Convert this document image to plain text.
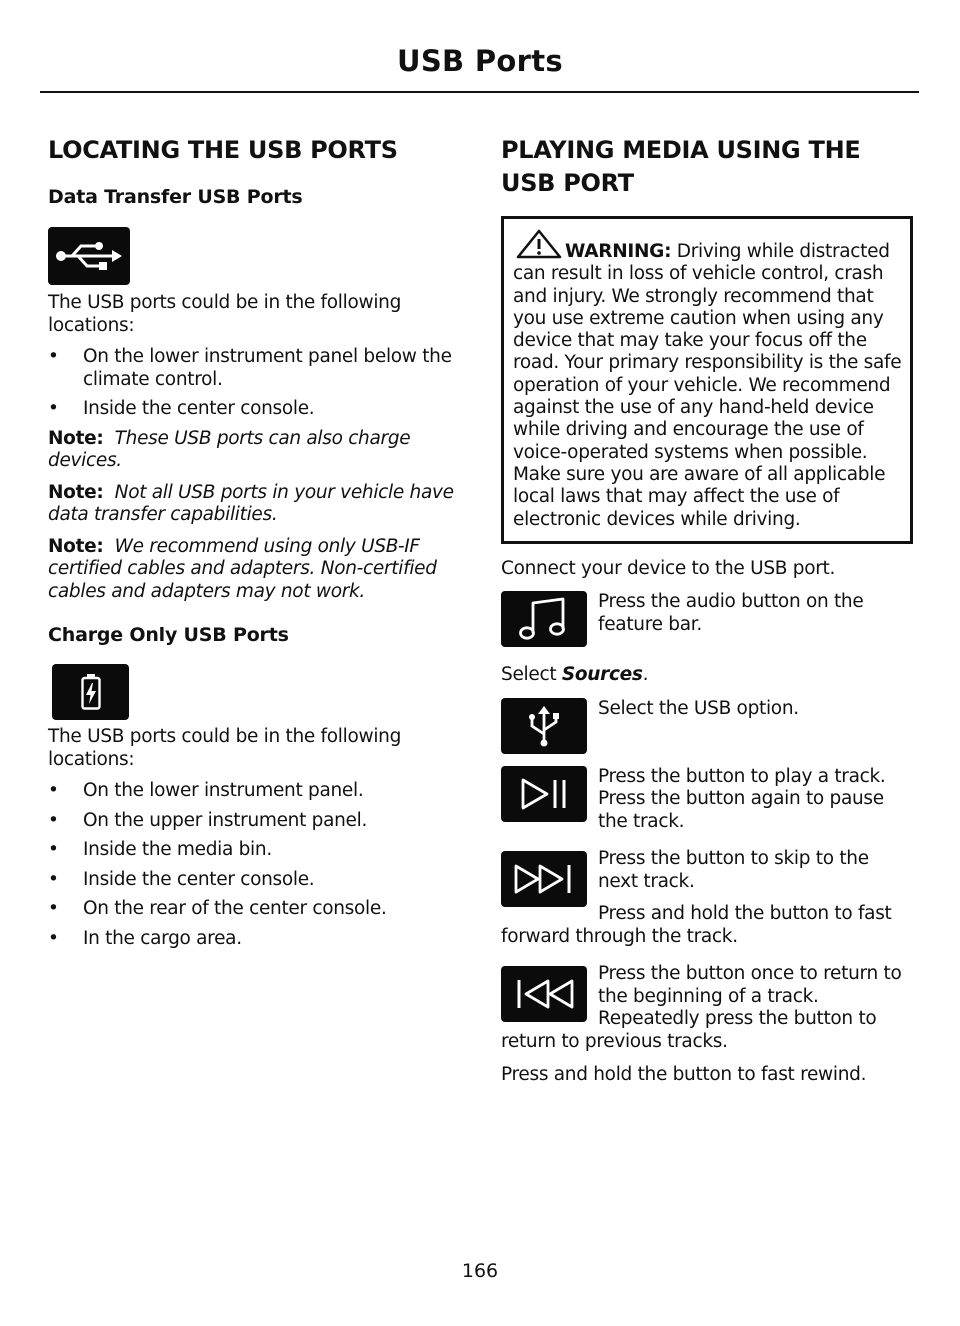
USB Ports
LOCATING THE USB PORTS
Data Transfer USB Ports

The USB ports could be in the following locations:

• On the lower instrument panel below the climate control.
• Inside the center console.

Note: These USB ports can also charge devices.

Note: Not all USB ports in your vehicle have data transfer capabilities.

Note: We recommend using only USB-IF certified cables and adapters. Non-certified cables and adapters may not work.

Charge Only USB Ports

The USB ports could be in the following locations:

• On the lower instrument panel.
• On the upper instrument panel.
• Inside the media bin.
• Inside the center console.
• On the rear of the center console.
• In the cargo area.
PLAYING MEDIA USING THE
USB PORT

WARNING: Driving while distracted can result in loss of vehicle control, crash and injury. We strongly recommend that you use extreme caution when using any device that may take your focus off the road. Your primary responsibility is the safe operation of your vehicle. We recommend against the use of any hand-held device while driving and encourage the use of voice-operated systems when possible. Make sure you are aware of all applicable local laws that may affect the use of electronic devices while driving.

Connect your device to the USB port.

Press the audio button on the feature bar.

Select Sources.

Select the USB option.

Press the button to play a track. Press the button again to pause the track.

Press the button to skip to the next track.

Press and hold the button to fast forward through the track.

Press the button once to return to the beginning of a track. Repeatedly press the button to return to previous tracks.

Press and hold the button to fast rewind.

166
